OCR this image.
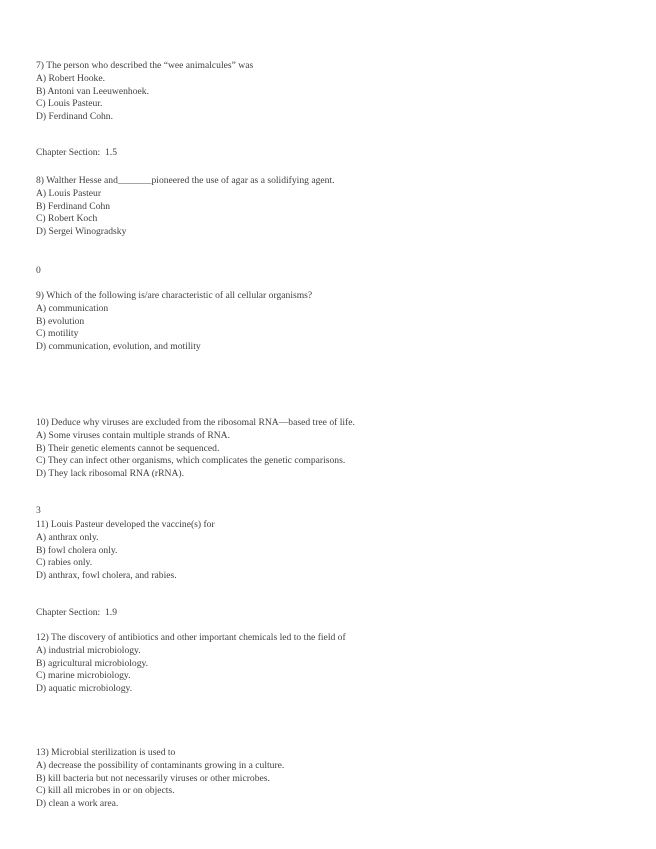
7) The person who described the “wee animalcules” was
A) Robert Hooke.
B) Antoni van Leeuwenhoek.
C) Louis Pasteur.
D) Ferdinand Cohn.
Chapter Section:  1.5
8) Walther Hesse and_______pioneered the use of agar as a solidifying agent.
A) Louis Pasteur
B) Ferdinand Cohn
C) Robert Koch
D) Sergei Winogradsky
0
9) Which of the following is/are characteristic of all cellular organisms?
A) communication
B) evolution
C) motility
D) communication, evolution, and motility
10) Deduce why viruses are excluded from the ribosomal RNA—based tree of life.
A) Some viruses contain multiple strands of RNA.
B) Their genetic elements cannot be sequenced.
C) They can infect other organisms, which complicates the genetic comparisons.
D) They lack ribosomal RNA (rRNA).
3
11) Louis Pasteur developed the vaccine(s) for
A) anthrax only.
B) fowl cholera only.
C) rabies only.
D) anthrax, fowl cholera, and rabies.
Chapter Section:  1.9
12) The discovery of antibiotics and other important chemicals led to the field of
A) industrial microbiology.
B) agricultural microbiology.
C) marine microbiology.
D) aquatic microbiology.
13) Microbial sterilization is used to
A) decrease the possibility of contaminants growing in a culture.
B) kill bacteria but not necessarily viruses or other microbes.
C) kill all microbes in or on objects.
D) clean a work area.
